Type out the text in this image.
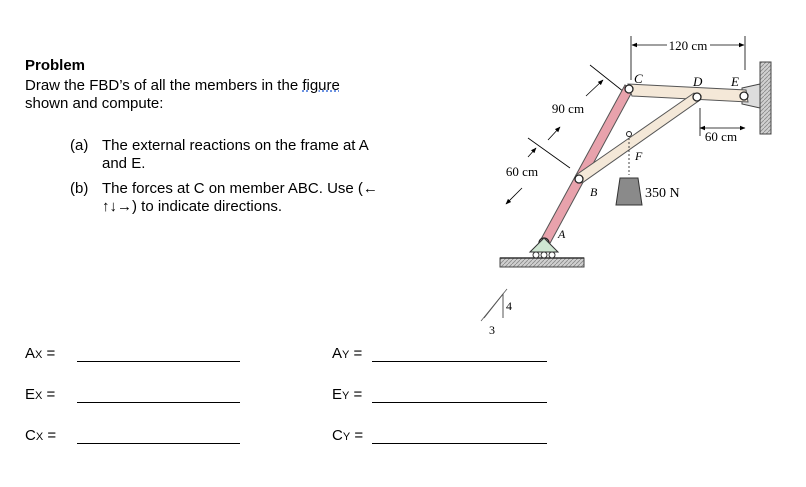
Problem

Draw the FBD’s of all the members in the figure
shown and compute:

(a) The external reactions on the frame at A
and E.
(b) The forces at C on member ABC. Use (←
↑↓→) to indicate directions.
AX =	AY =
EX =	EY =
CX =	CY =
120 cm
60 cm
90 cm
60 cm
C	D E
F
B
A
350 N
4
3
